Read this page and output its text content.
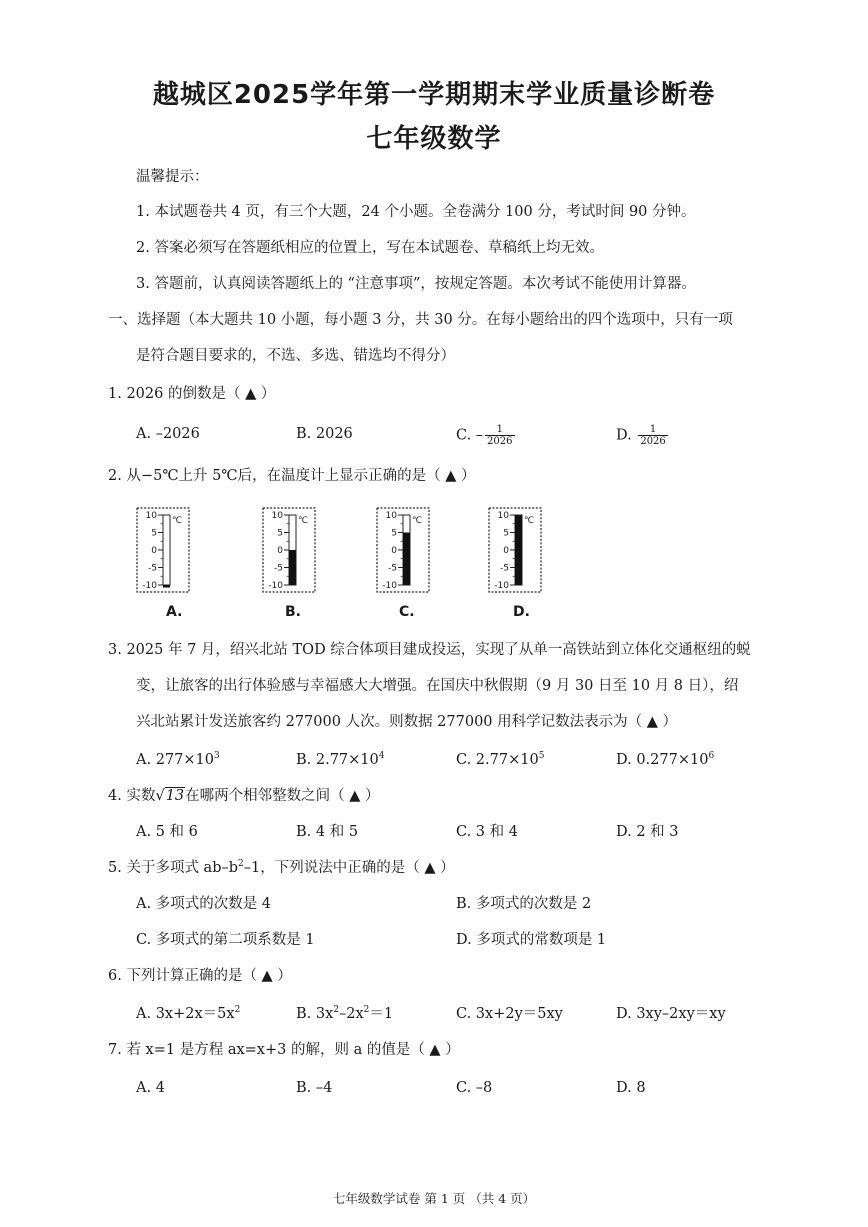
越城区2025学年第一学期期末学业质量诊断卷
七年级数学
温馨提示：
1. 本试题卷共 4 页，有三个大题，24 个小题。全卷满分 100 分，考试时间 90 分钟。
2. 答案必须写在答题纸相应的位置上，写在本试题卷、草稿纸上均无效。
3. 答题前，认真阅读答题纸上的 “注意事项”，按规定答题。本次考试不能使用计算器。
一、选择题（本大题共 10 小题，每小题 3 分，共 30 分。在每小题给出的四个选项中，只有一项
是符合题目要求的，不选、多选、错选均不得分）
1. 2026 的倒数是（ ▲ ）
A. –2026	B. 2026	C. – $\frac{1}{2026}$	D. $\frac{1}{2026}$
2. 从−5℃上升 5℃后，在温度计上显示正确的是（ ▲ ）
10
5
0
-5
-10
℃	10
5
0
-5
-10
℃	10
5
0
-5
-10
℃	10
5
0
-5
-10
℃
A.	B.	C.	D.
3. 2025 年 7 月，绍兴北站 TOD 综合体项目建成投运，实现了从单一高铁站到立体化交通枢纽的蜕
变，让旅客的出行体验感与幸福感大大增强。在国庆中秋假期（9 月 30 日至 10 月 8 日），绍
兴北站累计发送旅客约 277000 人次。则数据 277000 用科学记数法表示为（ ▲ ）
A. $277\times 10^3$	B. $2.77\times 10^4$	C. $2.77\times 10^5$	D. $0.277\times 10^6$
4. 实数√13在哪两个相邻整数之间（ ▲ ）
A. 5 和 6	B. 4 和 5	C. 3 和 4	D. 2 和 3
5. 关于多项式 $ab-b^2-1$，下列说法中正确的是（ ▲ ）
A. 多项式的次数是 4	B. 多项式的次数是 2
C. 多项式的第二项系数是 1	D. 多项式的常数项是 1
6. 下列计算正确的是（ ▲ ）
A. $3x+2x=5x^2$	B. $3x^2-2x^2=1$	C. 3x+2y＝5xy	D. 3xy–2xy＝xy
7. 若 x=1 是方程 ax=x+3 的解，则 a 的值是（ ▲ ）
A. 4	B. –4	C. –8	D. 8
七年级数学试卷 第 1 页 （共 4 页）
